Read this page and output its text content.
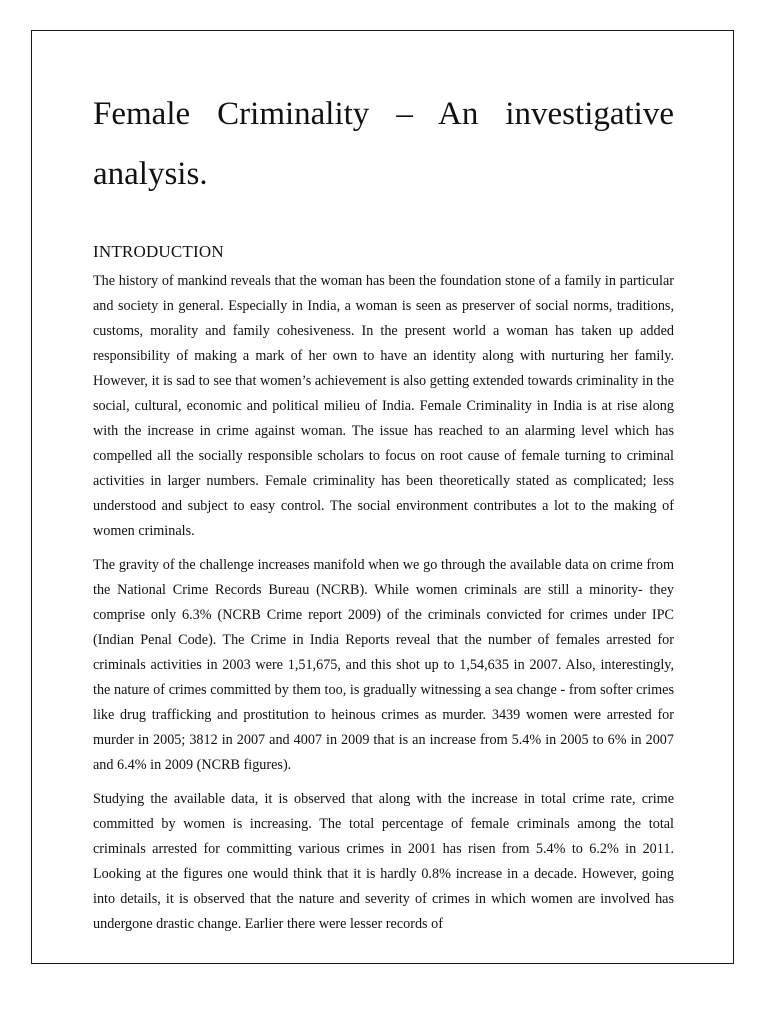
Female Criminality – An investigative analysis.
INTRODUCTION

The history of mankind reveals that the woman has been the foundation stone of a family in particular and society in general. Especially in India, a woman is seen as preserver of social norms, traditions, customs, morality and family cohesiveness. In the present world a woman has taken up added responsibility of making a mark of her own to have an identity along with nurturing her family. However, it is sad to see that women’s achievement is also getting extended towards criminality in the social, cultural, economic and political milieu of India. Female Criminality in India is at rise along with the increase in crime against woman. The issue has reached to an alarming level which has compelled all the socially responsible scholars to focus on root cause of female turning to criminal activities in larger numbers. Female criminality has been theoretically stated as complicated; less understood and subject to easy control. The social environment contributes a lot to the making of women criminals.

The gravity of the challenge increases manifold when we go through the available data on crime from the National Crime Records Bureau (NCRB). While women criminals are still a minority- they comprise only 6.3% (NCRB Crime report 2009) of the criminals convicted for crimes under IPC (Indian Penal Code). The Crime in India Reports reveal that the number of females arrested for criminals activities in 2003 were 1,51,675, and this shot up to 1,54,635 in 2007. Also, interestingly, the nature of crimes committed by them too, is gradually witnessing a sea change - from softer crimes like drug trafficking and prostitution to heinous crimes as murder. 3439 women were arrested for murder in 2005; 3812 in 2007 and 4007 in 2009 that is an increase from 5.4% in 2005 to 6% in 2007 and 6.4% in 2009 (NCRB figures).

Studying the available data, it is observed that along with the increase in total crime rate, crime committed by women is increasing. The total percentage of female criminals among the total criminals arrested for committing various crimes in 2001 has risen from 5.4% to 6.2% in 2011. Looking at the figures one would think that it is hardly 0.8% increase in a decade. However, going into details, it is observed that the nature and severity of crimes in which women are involved has undergone drastic change. Earlier there were lesser records of
